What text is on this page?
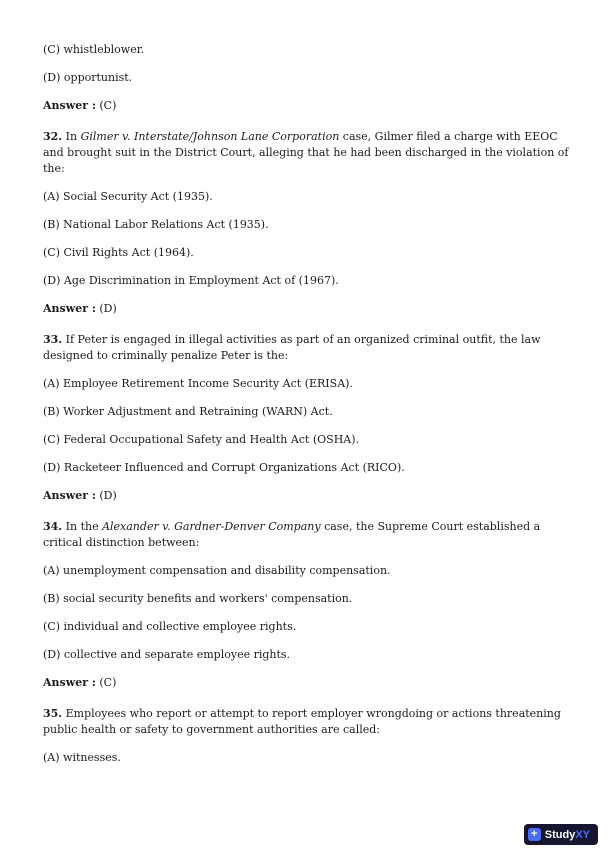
(C) whistleblower.

(D) opportunist.

Answer : (C)

32. In Gilmer v. Interstate/Johnson Lane Corporation case, Gilmer filed a charge with EEOC and brought suit in the District Court, alleging that he had been discharged in the violation of the:

(A) Social Security Act (1935).

(B) National Labor Relations Act (1935).

(C) Civil Rights Act (1964).

(D) Age Discrimination in Employment Act of (1967).

Answer : (D)

33. If Peter is engaged in illegal activities as part of an organized criminal outfit, the law designed to criminally penalize Peter is the:

(A) Employee Retirement Income Security Act (ERISA).

(B) Worker Adjustment and Retraining (WARN) Act.

(C) Federal Occupational Safety and Health Act (OSHA).

(D) Racketeer Influenced and Corrupt Organizations Act (RICO).

Answer : (D)

34. In the Alexander v. Gardner-Denver Company case, the Supreme Court established a critical distinction between:

(A) unemployment compensation and disability compensation.

(B) social security benefits and workers' compensation.

(C) individual and collective employee rights.

(D) collective and separate employee rights.

Answer : (C)

35. Employees who report or attempt to report employer wrongdoing or actions threatening public health or safety to government authorities are called:

(A) witnesses.

+ StudyXY
